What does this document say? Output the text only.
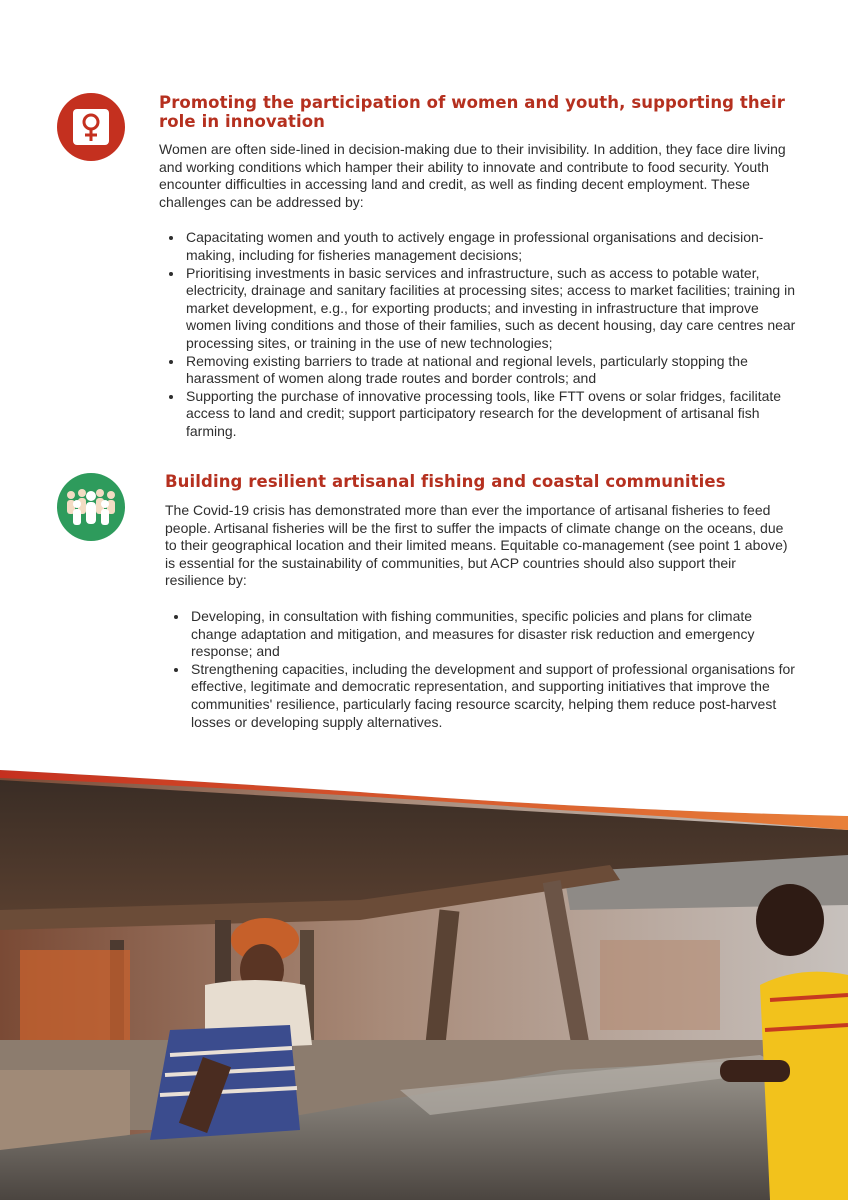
Promoting the participation of women and youth, supporting their role in innovation

Women are often side-lined in decision-making due to their invisibility. In addition, they face dire living and working conditions which hamper their ability to innovate and contribute to food security. Youth encounter difficulties in accessing land and credit, as well as finding decent employment. These challenges can be addressed by:

• Capacitating women and youth to actively engage in professional organisations and decision-making, including for fisheries management decisions;
• Prioritising investments in basic services and infrastructure, such as access to potable water, electricity, drainage and sanitary facilities at processing sites; access to market facilities; training in market development, e.g., for exporting products; and investing in infrastructure that improve women living conditions and those of their families, such as decent housing, day care centres near processing sites, or training in the use of new technologies;
• Removing existing barriers to trade at national and regional levels, particularly stopping the harassment of women along trade routes and border controls; and
• Supporting the purchase of innovative processing tools, like FTT ovens or solar fridges, facilitate access to land and credit; support participatory research for the development of artisanal fish farming.
Building resilient artisanal fishing and coastal communities

The Covid-19 crisis has demonstrated more than ever the importance of artisanal fisheries to feed people. Artisanal fisheries will be the first to suffer the impacts of climate change on the oceans, due to their geographical location and their limited means. Equitable co-management (see point 1 above) is essential for the sustainability of communities, but ACP countries should also support their resilience by:

• Developing, in consultation with fishing communities, specific policies and plans for climate change adaptation and mitigation, and measures for disaster risk reduction and emergency response; and
• Strengthening capacities, including the development and support of professional organisations for effective, legitimate and democratic representation, and supporting initiatives that improve the communities' resilience, particularly facing resource scarcity, helping them reduce post-harvest losses or developing supply alternatives.
